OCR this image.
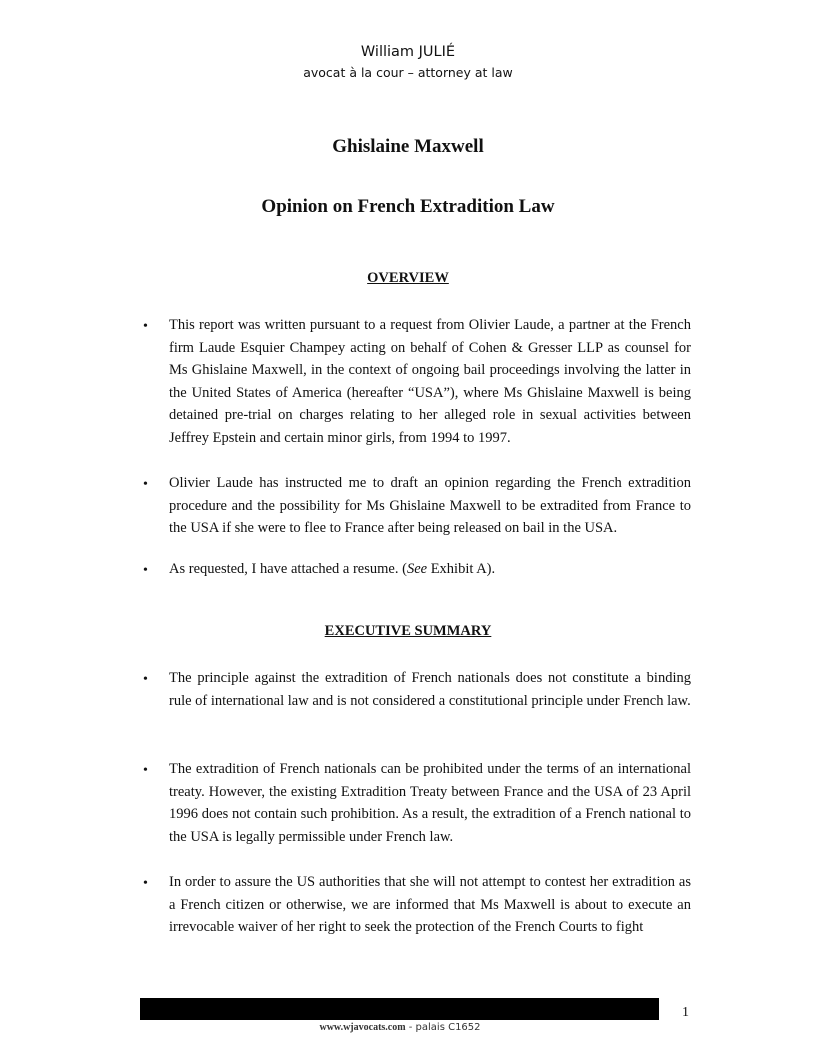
William JULIÉ
avocat à la cour – attorney at law
Ghislaine Maxwell
Opinion on French Extradition Law
OVERVIEW
• This report was written pursuant to a request from Olivier Laude, a partner at the French firm Laude Esquier Champey acting on behalf of Cohen & Gresser LLP as counsel for Ms Ghislaine Maxwell, in the context of ongoing bail proceedings involving the latter in the United States of America (hereafter “USA”), where Ms Ghislaine Maxwell is being detained pre-trial on charges relating to her alleged role in sexual activities between Jeffrey Epstein and certain minor girls, from 1994 to 1997.
• Olivier Laude has instructed me to draft an opinion regarding the French extradition procedure and the possibility for Ms Ghislaine Maxwell to be extradited from France to the USA if she were to flee to France after being released on bail in the USA.
• As requested, I have attached a resume. (See Exhibit A).
EXECUTIVE SUMMARY
• The principle against the extradition of French nationals does not constitute a binding rule of international law and is not considered a constitutional principle under French law.
• The extradition of French nationals can be prohibited under the terms of an international treaty. However, the existing Extradition Treaty between France and the USA of 23 April 1996 does not contain such prohibition. As a result, the extradition of a French national to the USA is legally permissible under French law.
• In order to assure the US authorities that she will not attempt to contest her extradition as a French citizen or otherwise, we are informed that Ms Maxwell is about to execute an irrevocable waiver of her right to seek the protection of the French Courts to fight
1
www.wjavocats.com - palais C1652
